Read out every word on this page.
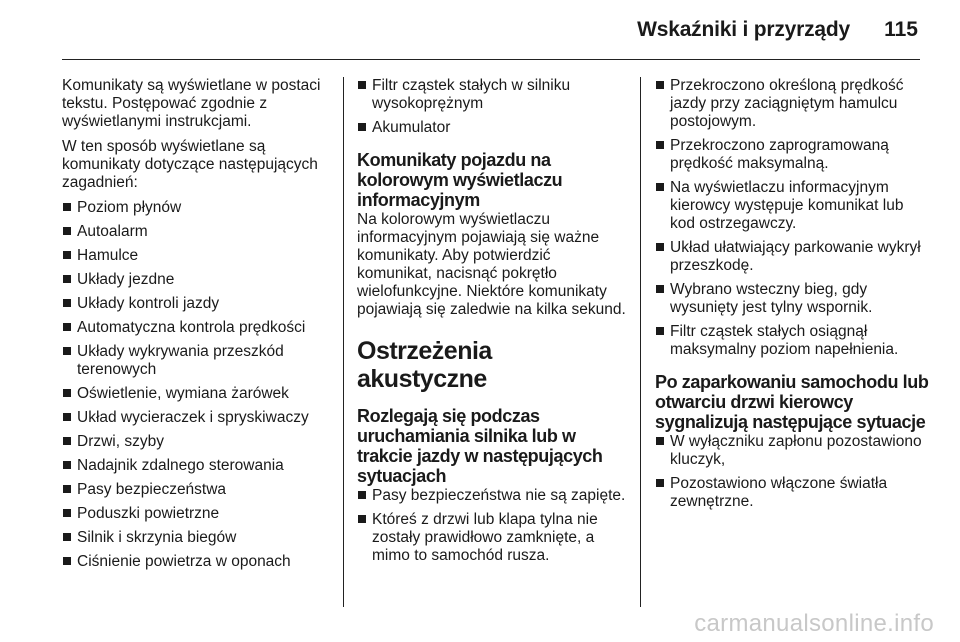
Wskaźniki i przyrządy 115

Komunikaty są wyświetlane w postaci tekstu. Postępować zgodnie z wyświetlanymi instrukcjami.

W ten sposób wyświetlane są komunikaty dotyczące następujących zagadnień:

Poziom płynów
Autoalarm
Hamulce
Układy jezdne
Układy kontroli jazdy
Automatyczna kontrola prędkości
Układy wykrywania przeszkód terenowych
Oświetlenie, wymiana żarówek
Układ wycieraczek i spryskiwaczy
Drzwi, szyby
Nadajnik zdalnego sterowania
Pasy bezpieczeństwa
Poduszki powietrzne
Silnik i skrzynia biegów
Ciśnienie powietrza w oponach
Filtr cząstek stałych w silniku wysokoprężnym
Akumulator
Komunikaty pojazdu na kolorowym wyświetlaczu informacyjnym

Na kolorowym wyświetlaczu informacyjnym pojawiają się ważne komunikaty. Aby potwierdzić komunikat, nacisnąć pokrętło wielofunkcyjne. Niektóre komunikaty pojawiają się zaledwie na kilka sekund.

Ostrzeżenia akustyczne
Rozlegają się podczas uruchamiania silnika lub w trakcie jazdy w następujących sytuacjach
Pasy bezpieczeństwa nie są zapięte.
Któreś z drzwi lub klapa tylna nie zostały prawidłowo zamknięte, a mimo to samochód rusza.
Przekroczono określoną prędkość jazdy przy zaciągniętym hamulcu postojowym.
Przekroczono zaprogramowaną prędkość maksymalną.
Na wyświetlaczu informacyjnym kierowcy występuje komunikat lub kod ostrzegawczy.
Układ ułatwiający parkowanie wykrył przeszkodę.
Wybrano wsteczny bieg, gdy wysunięty jest tylny wspornik.
Filtr cząstek stałych osiągnął maksymalny poziom napełnienia.
Po zaparkowaniu samochodu lub otwarciu drzwi kierowcy sygnalizują następujące sytuacje
W wyłączniku zapłonu pozostawiono kluczyk,
Pozostawiono włączone światła zewnętrzne.
carmanualsonline.info
